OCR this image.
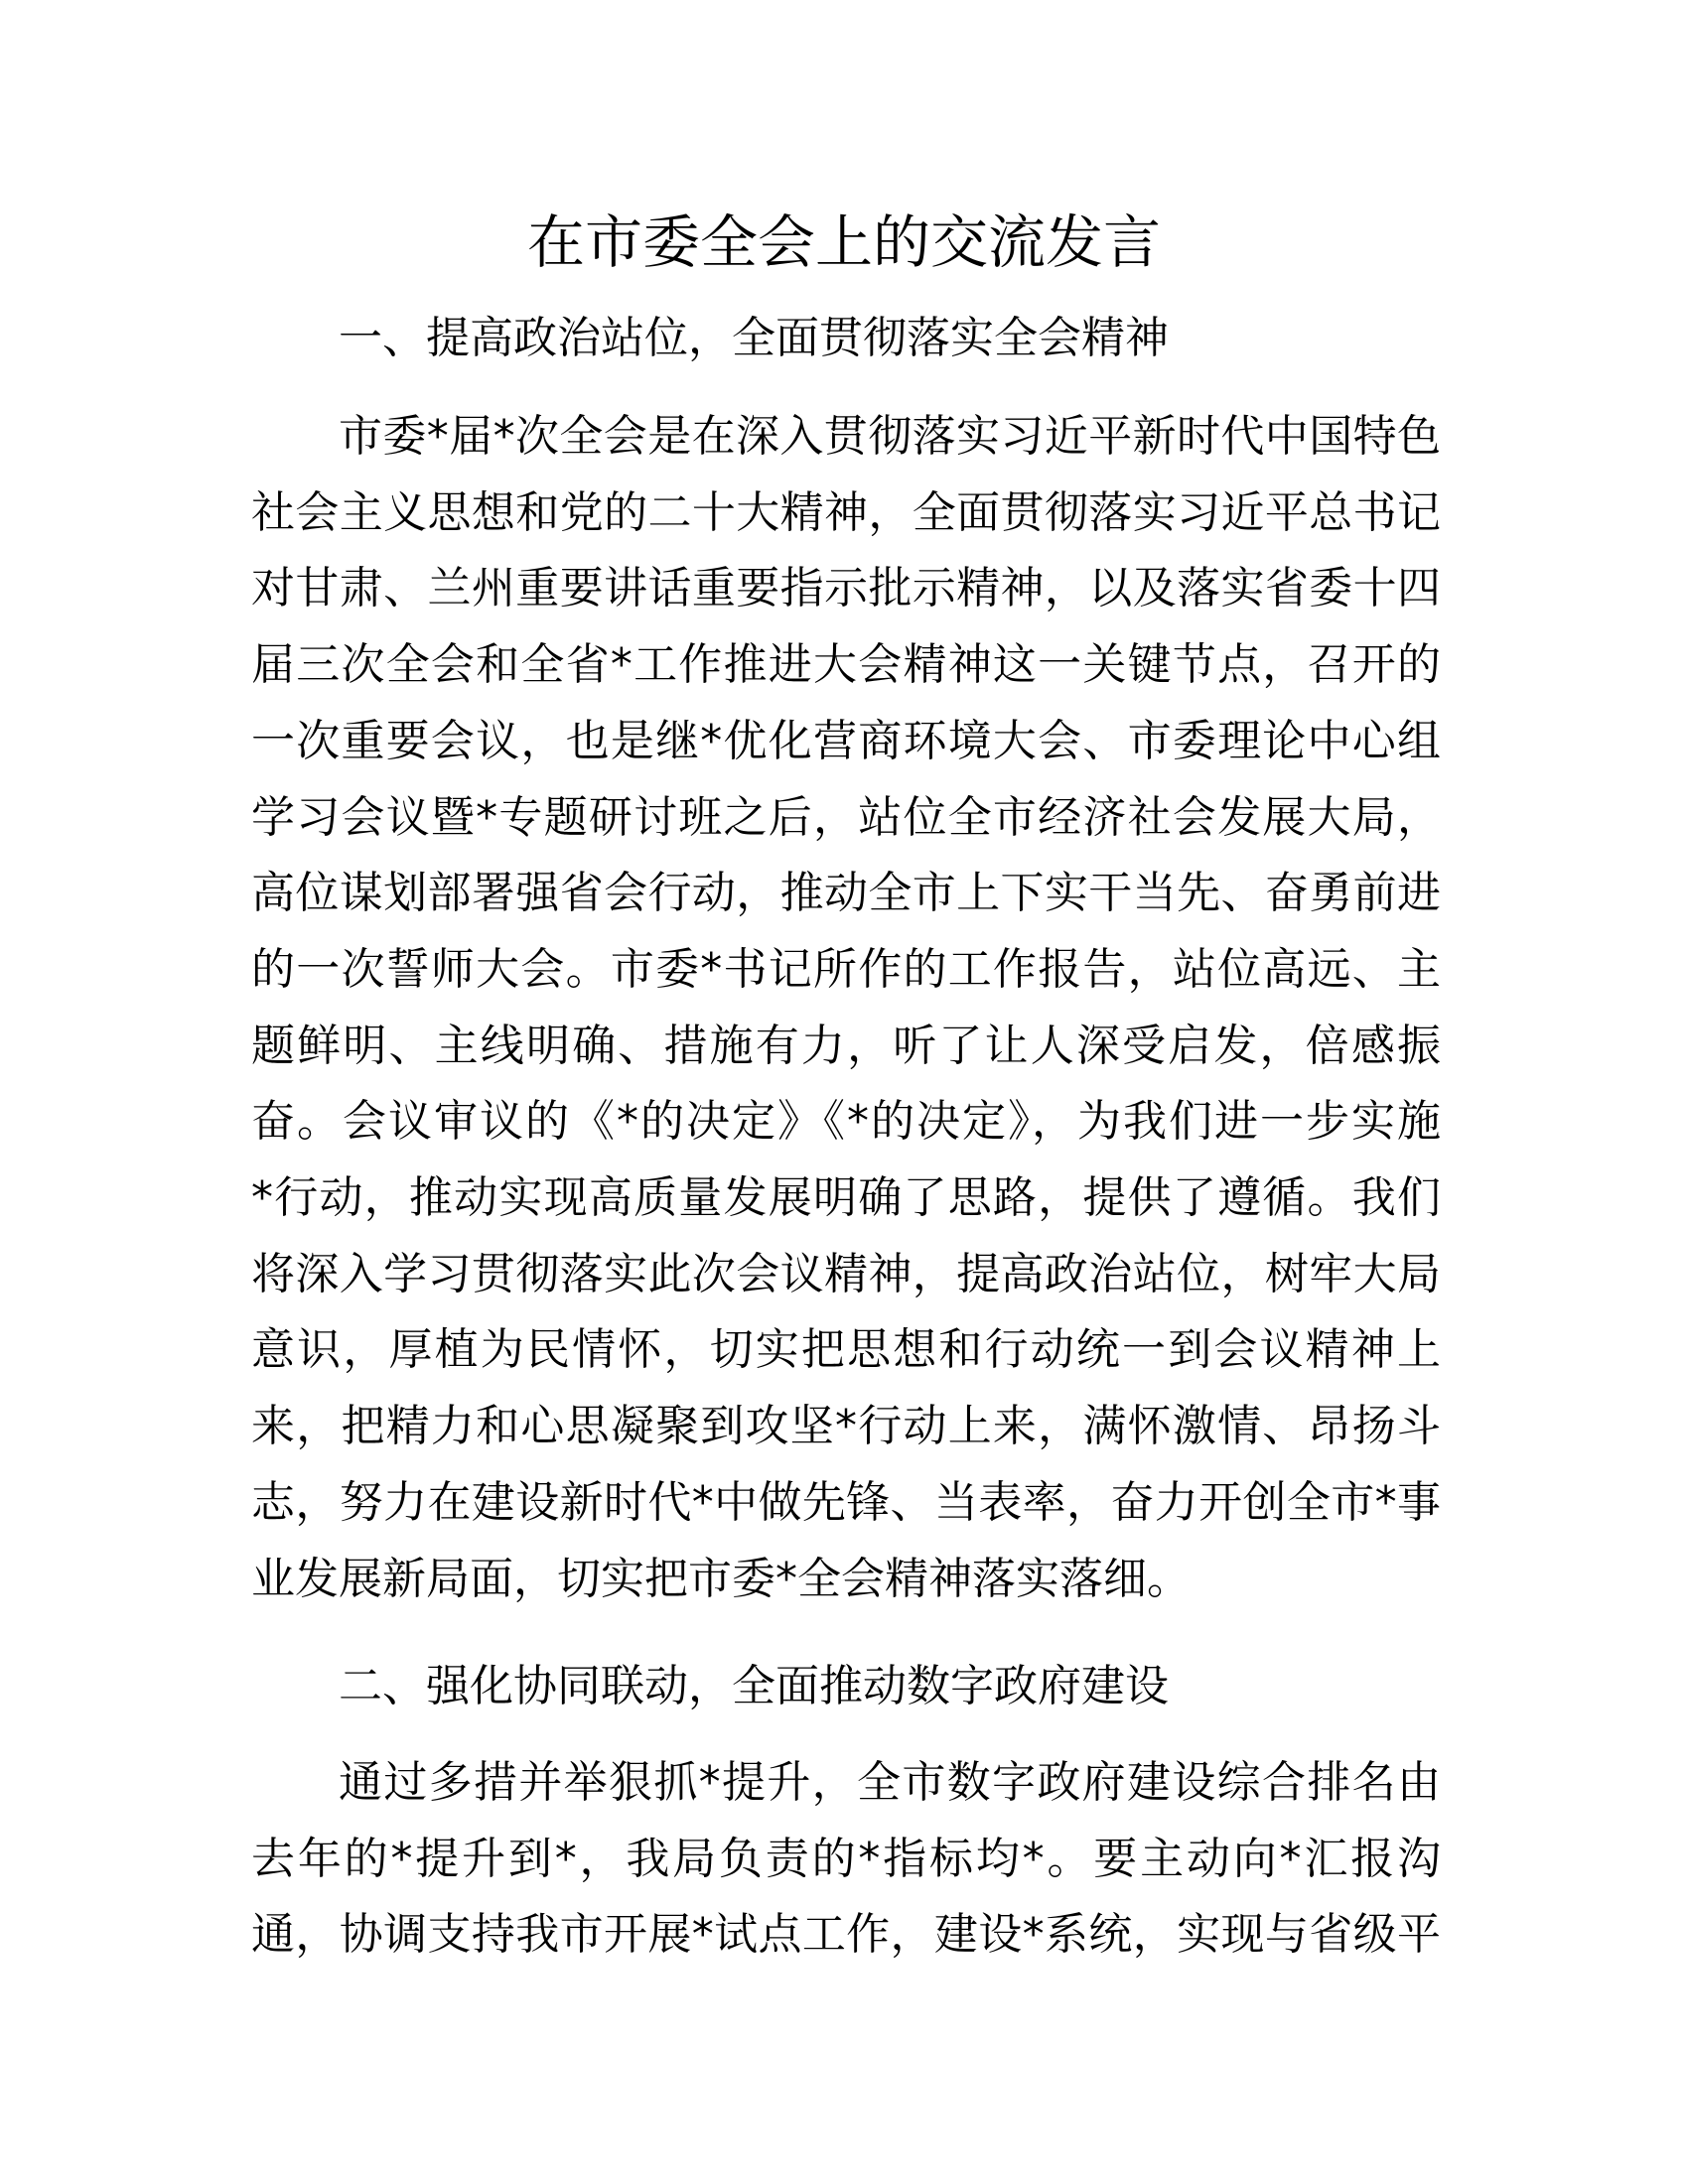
在市委全会上的交流发言
一、提高政治站位，全面贯彻落实全会精神
市委*届*次全会是在深入贯彻落实习近平新时代中国特色
社会主义思想和党的二十大精神，全面贯彻落实习近平总书记
对甘肃、兰州重要讲话重要指示批示精神，以及落实省委十四
届三次全会和全省*工作推进大会精神这一关键节点，召开的
一次重要会议，也是继*优化营商环境大会、市委理论中心组
学习会议暨*专题研讨班之后，站位全市经济社会发展大局，
高位谋划部署强省会行动，推动全市上下实干当先、奋勇前进
的一次誓师大会。市委*书记所作的工作报告，站位高远、主
题鲜明、主线明确、措施有力，听了让人深受启发，倍感振
奋。会议审议的《*的决定》《*的决定》，为我们进一步实施
*行动，推动实现高质量发展明确了思路，提供了遵循。我们
将深入学习贯彻落实此次会议精神，提高政治站位，树牢大局
意识，厚植为民情怀，切实把思想和行动统一到会议精神上
来，把精力和心思凝聚到攻坚*行动上来，满怀激情、昂扬斗
志，努力在建设新时代*中做先锋、当表率，奋力开创全市*事
业发展新局面，切实把市委*全会精神落实落细。
二、强化协同联动，全面推动数字政府建设
通过多措并举狠抓*提升，全市数字政府建设综合排名由
去年的*提升到*，我局负责的*指标均*。要主动向*汇报沟
通，协调支持我市开展*试点工作，建设*系统，实现与省级平
